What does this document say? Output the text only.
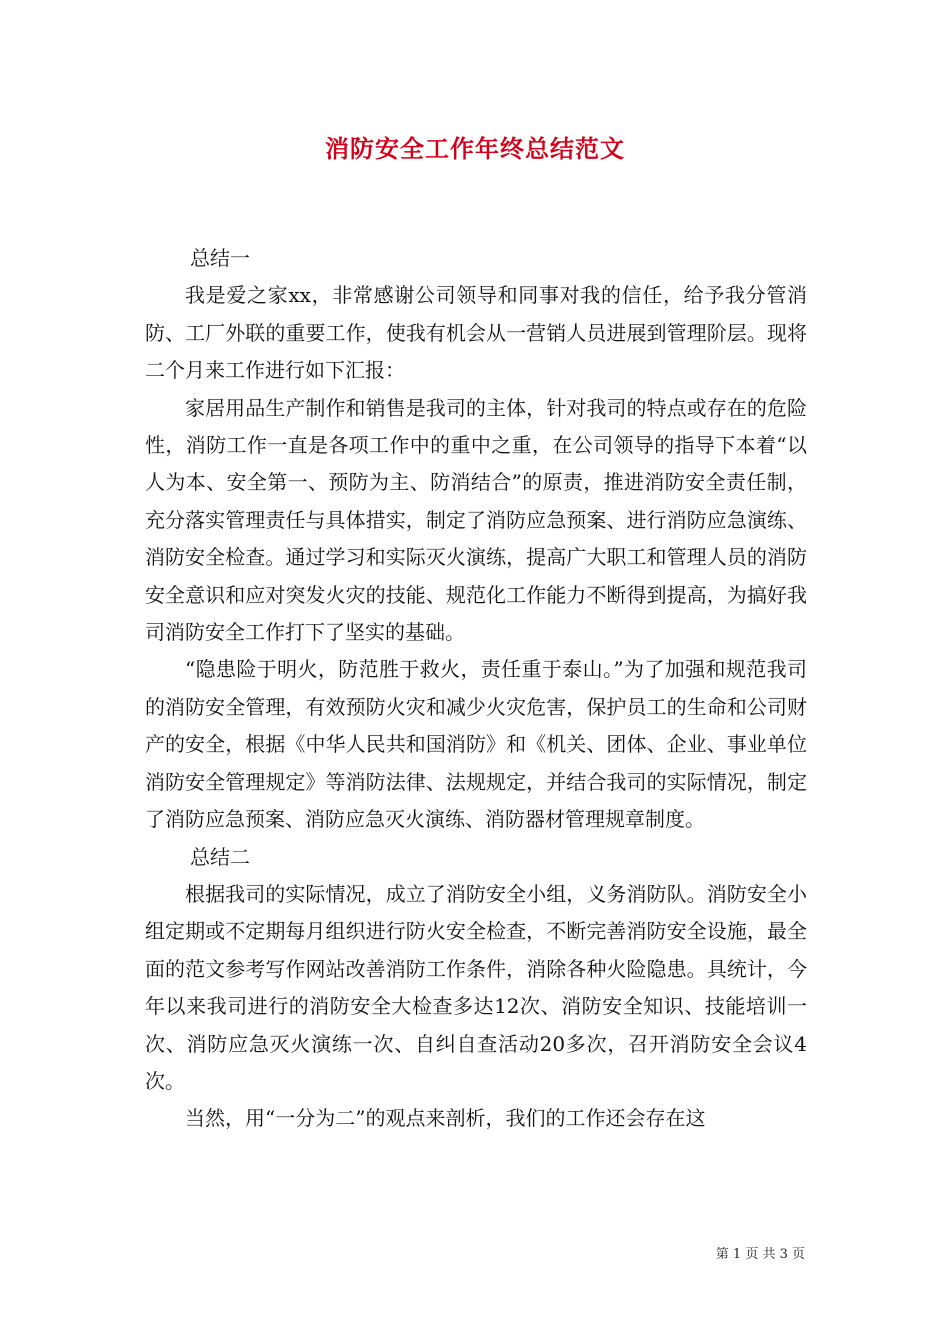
消防安全工作年终总结范文

总结一

我是爱之家xx，非常感谢公司领导和同事对我的信任，给予我分管消防、工厂外联的重要工作，使我有机会从一营销人员进展到管理阶层。现将二个月来工作进行如下汇报：

家居用品生产制作和销售是我司的主体，针对我司的特点或存在的危险性，消防工作一直是各项工作中的重中之重，在公司领导的指导下本着“以人为本、安全第一、预防为主、防消结合”的原责，推进消防安全责任制，充分落实管理责任与具体措实，制定了消防应急预案、进行消防应急演练、消防安全检查。通过学习和实际灭火演练，提高广大职工和管理人员的消防安全意识和应对突发火灾的技能、规范化工作能力不断得到提高，为搞好我司消防安全工作打下了坚实的基础。

“隐患险于明火，防范胜于救火，责任重于泰山。”为了加强和规范我司的消防安全管理，有效预防火灾和减少火灾危害，保护员工的生命和公司财产的安全，根据《中华人民共和国消防》和《机关、团体、企业、事业单位消防安全管理规定》等消防法律、法规规定，并结合我司的实际情况，制定了消防应急预案、消防应急灭火演练、消防器材管理规章制度。

总结二

根据我司的实际情况，成立了消防安全小组，义务消防队。消防安全小组定期或不定期每月组织进行防火安全检查，不断完善消防安全设施，最全面的范文参考写作网站改善消防工作条件，消除各种火险隐患。具统计，今年以来我司进行的消防安全大检查多达12次、消防安全知识、技能培训一次、消防应急灭火演练一次、自纠自查活动20多次，召开消防安全会议4次。

当然，用“一分为二”的观点来剖析，我们的工作还会存在这

第 1 页 共 3 页
